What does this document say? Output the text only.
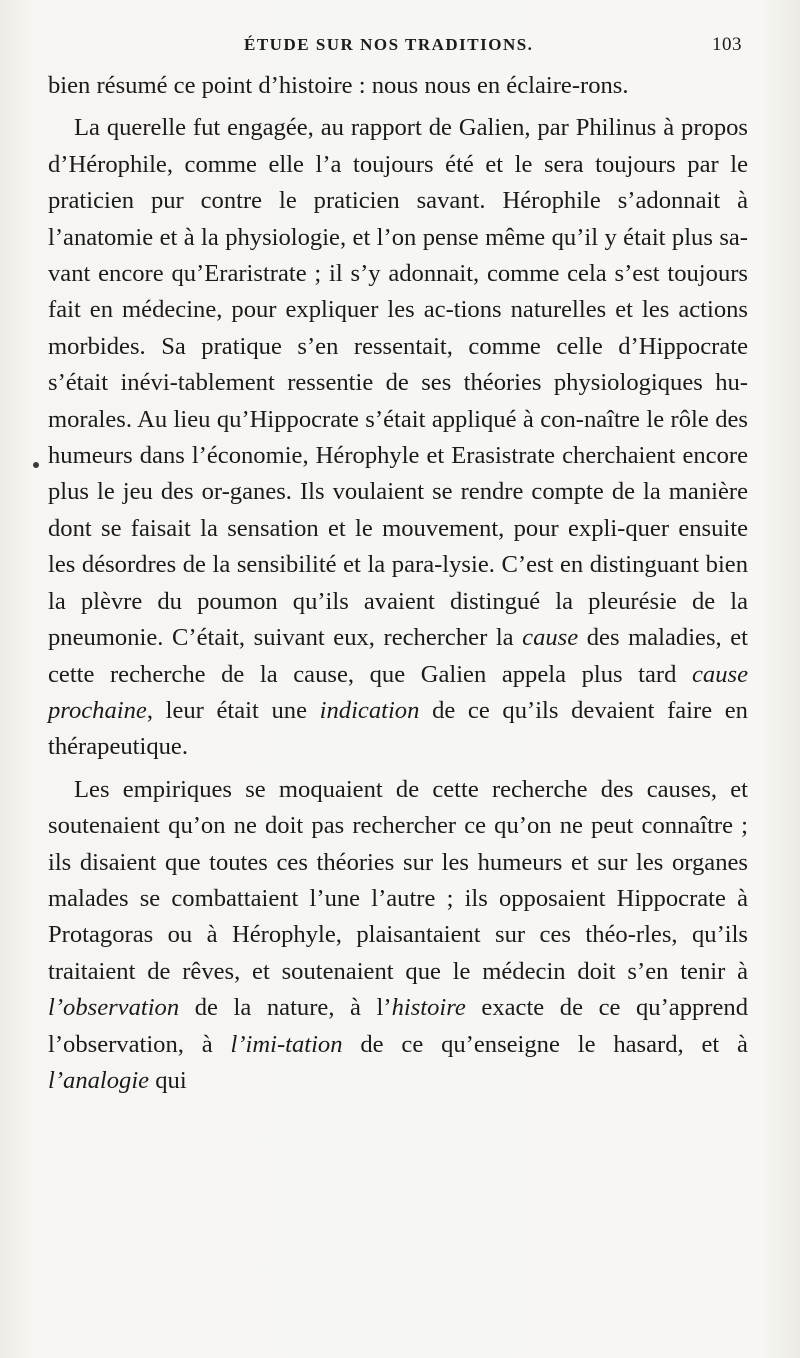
ÉTUDE SUR NOS TRADITIONS.	103

bien résumé ce point d’histoire : nous nous en éclaire-rons.

La querelle fut engagée, au rapport de Galien, par Philinus à propos d’Hérophile, comme elle l’a toujours été et le sera toujours par le praticien pur contre le praticien savant. Hérophile s’adonnait à l’anatomie et à la physiologie, et l’on pense même qu’il y était plus sa-vant encore qu’Eraristrate ; il s’y adonnait, comme cela s’est toujours fait en médecine, pour expliquer les ac-tions naturelles et les actions morbides. Sa pratique s’en ressentait, comme celle d’Hippocrate s’était inévi-tablement ressentie de ses théories physiologiques hu-morales. Au lieu qu’Hippocrate s’était appliqué à con-naître le rôle des humeurs dans l’économie, Hérophyle et Erasistrate cherchaient encore plus le jeu des or-ganes. Ils voulaient se rendre compte de la manière dont se faisait la sensation et le mouvement, pour expli-quer ensuite les désordres de la sensibilité et la para-lysie. C’est en distinguant bien la plèvre du poumon qu’ils avaient distingué la pleurésie de la pneumonie. C’était, suivant eux, rechercher la cause des maladies, et cette recherche de la cause, que Galien appela plus tard cause prochaine, leur était une indication de ce qu’ils devaient faire en thérapeutique.

Les empiriques se moquaient de cette recherche des causes, et soutenaient qu’on ne doit pas rechercher ce qu’on ne peut connaître ; ils disaient que toutes ces théories sur les humeurs et sur les organes malades se combattaient l’une l’autre ; ils opposaient Hippocrate à Protagoras ou à Hérophyle, plaisantaient sur ces théo-rles, qu’ils traitaient de rêves, et soutenaient que le médecin doit s’en tenir à l’observation de la nature, à l’histoire exacte de ce qu’apprend l’observation, à l’imi-tation de ce qu’enseigne le hasard, et à l’analogie qui
